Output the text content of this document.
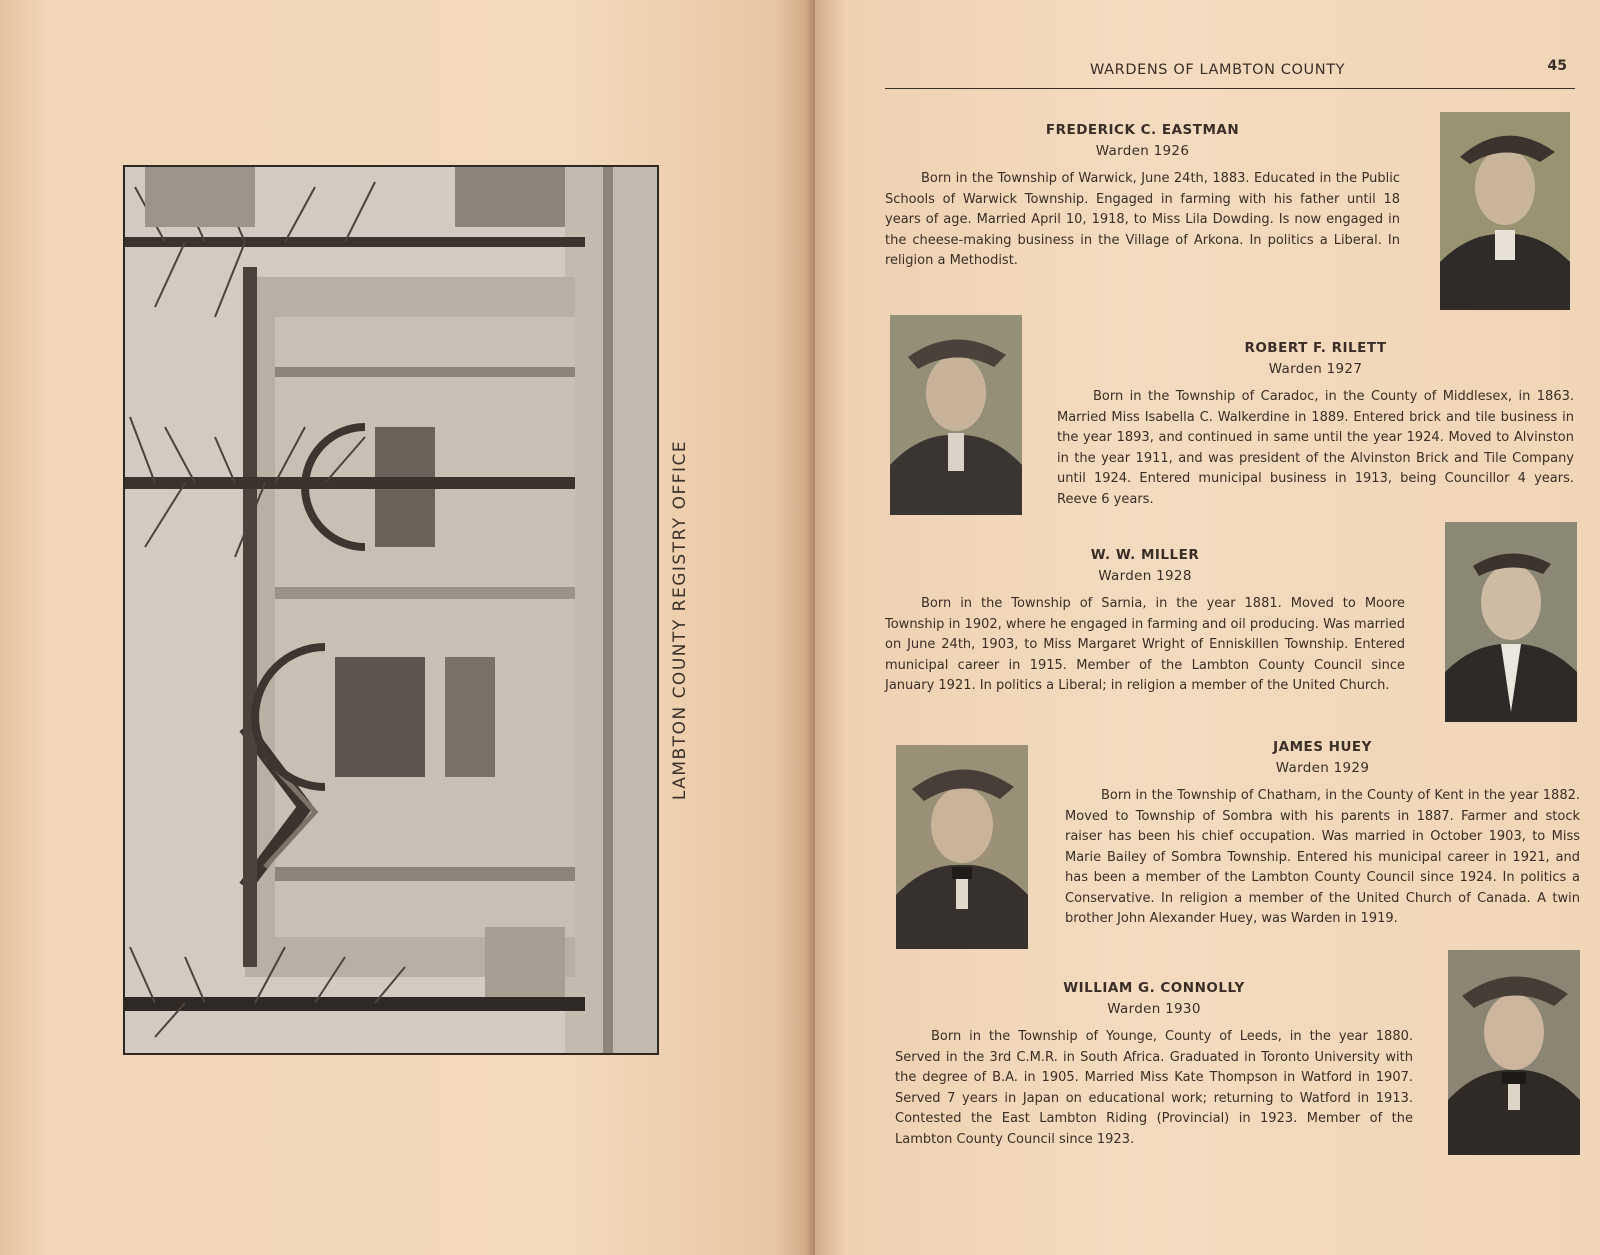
LAMBTON COUNTY REGISTRY OFFICE
WARDENS OF LAMBTON COUNTY	45
FREDERICK C. EASTMAN
Warden 1926

Born in the Township of Warwick, June 24th, 1883. Educated in the Public Schools of Warwick Township. Engaged in farming with his father until 18 years of age. Married April 10, 1918, to Miss Lila Dowding. Is now engaged in the cheese-making business in the Village of Arkona. In politics a Liberal. In religion a Methodist.

ROBERT F. RILETT
Warden 1927

Born in the Township of Caradoc, in the County of Middlesex, in 1863. Married Miss Isabella C. Walkerdine in 1889. Entered brick and tile business in the year 1893, and continued in same until the year 1924. Moved to Alvinston in the year 1911, and was president of the Alvinston Brick and Tile Company until 1924. Entered municipal business in 1913, being Councillor 4 years. Reeve 6 years.

W. W. MILLER
Warden 1928

Born in the Township of Sarnia, in the year 1881. Moved to Moore Township in 1902, where he engaged in farming and oil producing. Was married on June 24th, 1903, to Miss Margaret Wright of Enniskillen Township. Entered municipal career in 1915. Member of the Lambton County Council since January 1921. In politics a Liberal; in religion a member of the United Church.

JAMES HUEY
Warden 1929

Born in the Township of Chatham, in the County of Kent in the year 1882. Moved to Township of Sombra with his parents in 1887. Farmer and stock raiser has been his chief occupation. Was married in October 1903, to Miss Marie Bailey of Sombra Township. Entered his municipal career in 1921, and has been a member of the Lambton County Council since 1924. In politics a Conservative. In religion a member of the United Church of Canada. A twin brother John Alexander Huey, was Warden in 1919.

WILLIAM G. CONNOLLY
Warden 1930

Born in the Township of Younge, County of Leeds, in the year 1880. Served in the 3rd C.M.R. in South Africa. Graduated in Toronto University with the degree of B.A. in 1905. Married Miss Kate Thompson in Watford in 1907. Served 7 years in Japan on educational work; returning to Watford in 1913. Contested the East Lambton Riding (Provincial) in 1923. Member of the Lambton County Council since 1923.
